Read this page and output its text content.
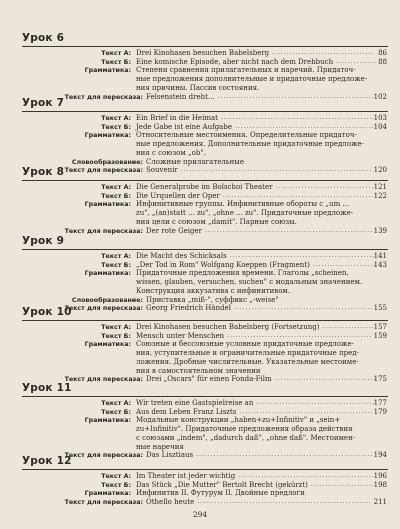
Урок 6
Текст А: Drei Kinohasen besuchen Babelsberg ................................... 86
Текст Б: Eine komische Episode, aber nicht nach dem Drehbuch .............. 88
Грамматика: Степени сравнения прилагательных и наречий. Придаточ-
ные предложения дополнительные и придаточные предложе-
ния причины. Пассив состояния.
Текст для пересказа: Felsenstein dreht... ...................................................... 102
Урок 7
Текст А: Ein Brief in die Heimat .....................................................
103
Текст Б: Jede Gabe ist eine Aufgabe ................................................ 104
Грамматика: Относительные местоимения. Определительные придаточ-
ные предложения. Дополнительные придаточные предложе-
ния с союзом „ob".
Словообразование: Сложные прилагательные
Текст для пересказа: Souvenir .................................................................. 120
Урок 8
Текст А: Die Generalprobe im Bolschoi Theater .................................. 121
Текст Б: Die Urquellen der Oper .................................................... 122
Грамматика: Инфинитивные группы. Инфинитивные обороты с „um ...
zu", „(an)statt ... zu", „ohne ... zu". Придаточные предложе-
ния цели с союзом „damit". Парные союзы.
Текст для пересказа: Der rote Geiger .......................................................... 139
Урок 9
Текст А: Die Macht des Schicksals ..................................................
141
Текст Б: „Der Tod in Rom" Wolfgang Koeppen (Fragment) ......................
143
Грамматика: Придаточные предложения времени. Глаголы „scheinen,
wissen, glauben, versuchen, suchen" с модальным значением.
Конструкция аккузатива с инфинитивом.
Словообразование: Приставка „miß-", суффикс „-weise"
Текст для пересказа: Georg Friedrich Händel ................................................ 155
Урок 10
Текст А: Drei Kinohasen besuchen Babelsberg (Fortsetzung) ...................
157
Текст Б: Mensch unter Menschen .................................................. 159
Грамматика: Союзные и бессоюзные условные придаточные предложе-
ния, уступительные и ограничительные придаточные пред-
ложения. Дробные числительные. Указательные местоиме-
ния в самостоятельном значении
Текст для пересказа: Drei „Oscars" für einen Fonda-Film ...................................
175
Урок 11
Текст А: Wir treten eine Gastspielreise an .........................................
177
Текст Б: Aus dem Leben Franz Liszts .............................................. 179
Грамматика: Модальные конструкции „haben+zu+Infinitiv" и „sein+
zu+Infinitiv". Придаточные предложения образа действия
с союзами „indem", „dadurch daß", „ohne daß". Местоимен-
ные наречия
Текст для пересказа: Das Lisztiaus ............................................................. 194
Урок 12
Текст А: Im Theater ist jeder wichtig ...............................................
196
Текст Б: Das Stück „Die Mutter" Bertolt Brecht (gekürzt) .......................
198
Грамматика: Инфинитив II. Футурум II. Двойные предлоги
Текст для пересказа: Othello heute ............................................................ 211
294
